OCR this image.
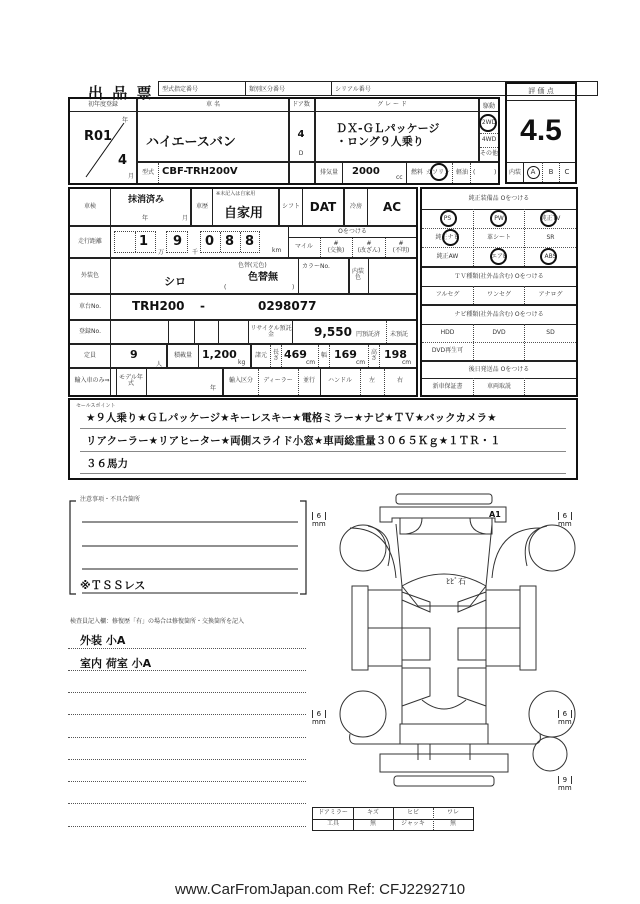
出 品 票 型式指定番号	類別区分番号	シリアル番号	評 価 点
4.5
内装	A	B	C
初年度登録
R01
年
4
月
車 名
ハイエースバン
ドア数
4
D
グ レ ー ド
ＤＸ-ＧＬパッケージ
・ロング９人乗り
駆動
2WD
4WD
その他
型式 CBF-TRH200V	排気量	2000
cc
燃料 ガソリン 軽油 (	)
車検
抹消済み
年	月
車歴
※未記入は自家用
自家用	シフト DAT	冷房	AC
走行距離	1
万
9
千
0 8 8
km
Oをつける
マイル	#
(交換)
#
(改ざん)
#
(不明)
外装色	シロ
色替(元色)
色替無
(	)
カラーNo.
内装色
車台No.	TRH200 -	0298077
登録No.	リサイクル預託金	9,550 円預託済 未預託
定員	9
人
積載量 1,200
kg
諸元 長さ 469
cm
幅 169
cm
高さ 198
cm
輸入車のみ⇒	モデル年式
年
輸入区分	ディーラー	並行	ハンドル	左	右
純正装備品 Oをつける
PS	PW	純正TV
純正ナビ	革シート	SR
純正AW	エアB	ABS
ＴＶ種類(社外品含む) Oをつける
フルセグ	ワンセグ	アナログ
ナビ種類(社外品含む) Oをつける
HDD	DVD	SD
DVD再生可
後日発送品 Oをつける
新車保証書	車両取説
セールスポイント
★９人乗り★ＧＬパッケージ★キーレスキー★電格ミラー★ナビ★ＴＶ★バックカメラ★
リアクーラー★リアヒーター★両側スライド小窓★車両総重量３０６５Ｋｇ★１ＴＲ・１
３６馬力
注意事項・不具合箇所
※ＴＳＳレス
検査員記入欄：修復歴「有」の場合は修復箇所・交換箇所を記入
外装 小A
室内 荷室 小A
A1
ﾋﾋﾞ石
6
mm
6
mm
6
mm
6
mm
9
mm
ドアミラー	キズ	ヒビ	ワレ
工具	無	ジャッキ	無
www.CarFromJapan.com Ref: CFJ2292710
